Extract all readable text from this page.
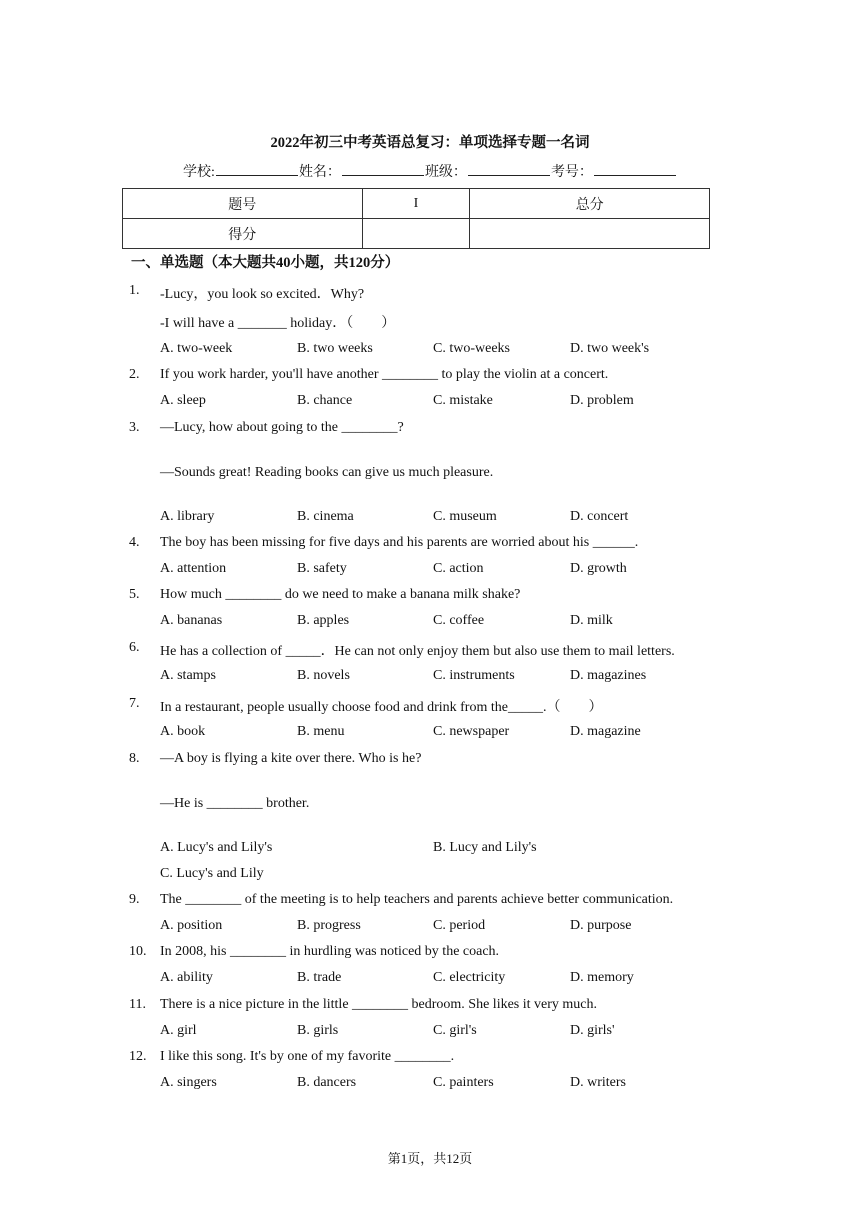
2022年初三中考英语总复习：单项选择专题一名词
学校:	姓名：	班级：	考号：
题号	I	总分
得分		
一、单选题（本大题共40小题，共120分）
1. -Lucy，you look so excited．Why?
-I will have a _______ holiday．（　　）
A. two-week	B. two weeks	C. two-weeks	D. two week's
2. If you work harder, you'll have another ________ to play the violin at a concert.
A. sleep	B. chance	C. mistake	D. problem
3. —Lucy, how about going to the ________?
—Sounds great! Reading books can give us much pleasure.
A. library	B. cinema	C. museum	D. concert
4. The boy has been missing for five days and his parents are worried about his ______.
A. attention	B. safety	C. action	D. growth
5. How much ________ do we need to make a banana milk shake?
A. bananas	B. apples	C. coffee	D. milk
6. He has a collection of _____．He can not only enjoy them but also use them to mail letters.
A. stamps	B. novels	C. instruments	D. magazines
7. In a restaurant, people usually choose food and drink from the_____.（　　）
A. book	B. menu	C. newspaper	D. magazine
8. —A boy is flying a kite over there. Who is he?
—He is ________ brother.
A. Lucy's and Lily's	B. Lucy and Lily's
C. Lucy's and Lily
9. The ________ of the meeting is to help teachers and parents achieve better communication.
A. position	B. progress	C. period	D. purpose
10. In 2008, his ________ in hurdling was noticed by the coach.
A. ability	B. trade	C. electricity	D. memory
11. There is a nice picture in the little ________ bedroom. She likes it very much.
A. girl	B. girls	C. girl's	D. girls'
12. I like this song. It's by one of my favorite ________.
A. singers	B. dancers	C. painters	D. writers
第1页，共12页
